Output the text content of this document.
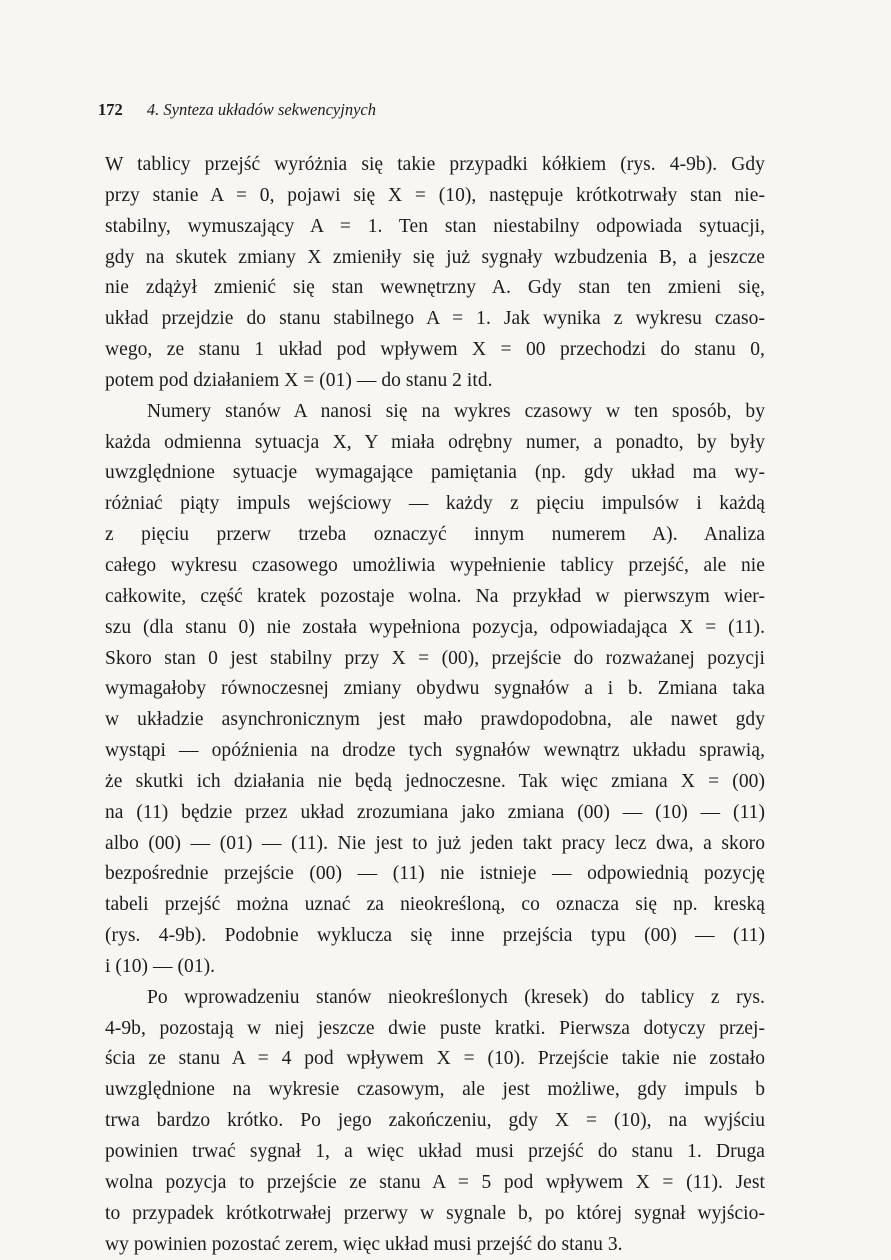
172 4. Synteza układów sekwencyjnych
W tablicy przejść wyróżnia się takie przypadki kółkiem (rys. 4-9b). Gdy
przy stanie A = 0, pojawi się X = (10), następuje krótkotrwały stan nie-
stabilny, wymuszający A = 1. Ten stan niestabilny odpowiada sytuacji,
gdy na skutek zmiany X zmieniły się już sygnały wzbudzenia B, a jeszcze
nie zdążył zmienić się stan wewnętrzny A. Gdy stan ten zmieni się,
układ przejdzie do stanu stabilnego A = 1. Jak wynika z wykresu czaso-
wego, ze stanu 1 układ pod wpływem X = 00 przechodzi do stanu 0,
potem pod działaniem X = (01) — do stanu 2 itd.
Numery stanów A nanosi się na wykres czasowy w ten sposób, by
każda odmienna sytuacja X, Y miała odrębny numer, a ponadto, by były
uwzględnione sytuacje wymagające pamiętania (np. gdy układ ma wy-
różniać piąty impuls wejściowy — każdy z pięciu impulsów i każdą
z pięciu przerw trzeba oznaczyć innym numerem A). Analiza
całego wykresu czasowego umożliwia wypełnienie tablicy przejść, ale nie
całkowite, część kratek pozostaje wolna. Na przykład w pierwszym wier-
szu (dla stanu 0) nie została wypełniona pozycja, odpowiadająca X = (11).
Skoro stan 0 jest stabilny przy X = (00), przejście do rozważanej pozycji
wymagałoby równoczesnej zmiany obydwu sygnałów a i b. Zmiana taka
w układzie asynchronicznym jest mało prawdopodobna, ale nawet gdy
wystąpi — opóźnienia na drodze tych sygnałów wewnątrz układu sprawią,
że skutki ich działania nie będą jednoczesne. Tak więc zmiana X = (00)
na (11) będzie przez układ zrozumiana jako zmiana (00) — (10) — (11)
albo (00) — (01) — (11). Nie jest to już jeden takt pracy lecz dwa, a skoro
bezpośrednie przejście (00) — (11) nie istnieje — odpowiednią pozycję
tabeli przejść można uznać za nieokreśloną, co oznacza się np. kreską
(rys. 4-9b). Podobnie wyklucza się inne przejścia typu (00) — (11)
i (10) — (01).
Po wprowadzeniu stanów nieokreślonych (kresek) do tablicy z rys.
4-9b, pozostają w niej jeszcze dwie puste kratki. Pierwsza dotyczy przej-
ścia ze stanu A = 4 pod wpływem X = (10). Przejście takie nie zostało
uwzględnione na wykresie czasowym, ale jest możliwe, gdy impuls b
trwa bardzo krótko. Po jego zakończeniu, gdy X = (10), na wyjściu
powinien trwać sygnał 1, a więc układ musi przejść do stanu 1. Druga
wolna pozycja to przejście ze stanu A = 5 pod wpływem X = (11). Jest
to przypadek krótkotrwałej przerwy w sygnale b, po której sygnał wyjścio-
wy powinien pozostać zerem, więc układ musi przejść do stanu 3.
